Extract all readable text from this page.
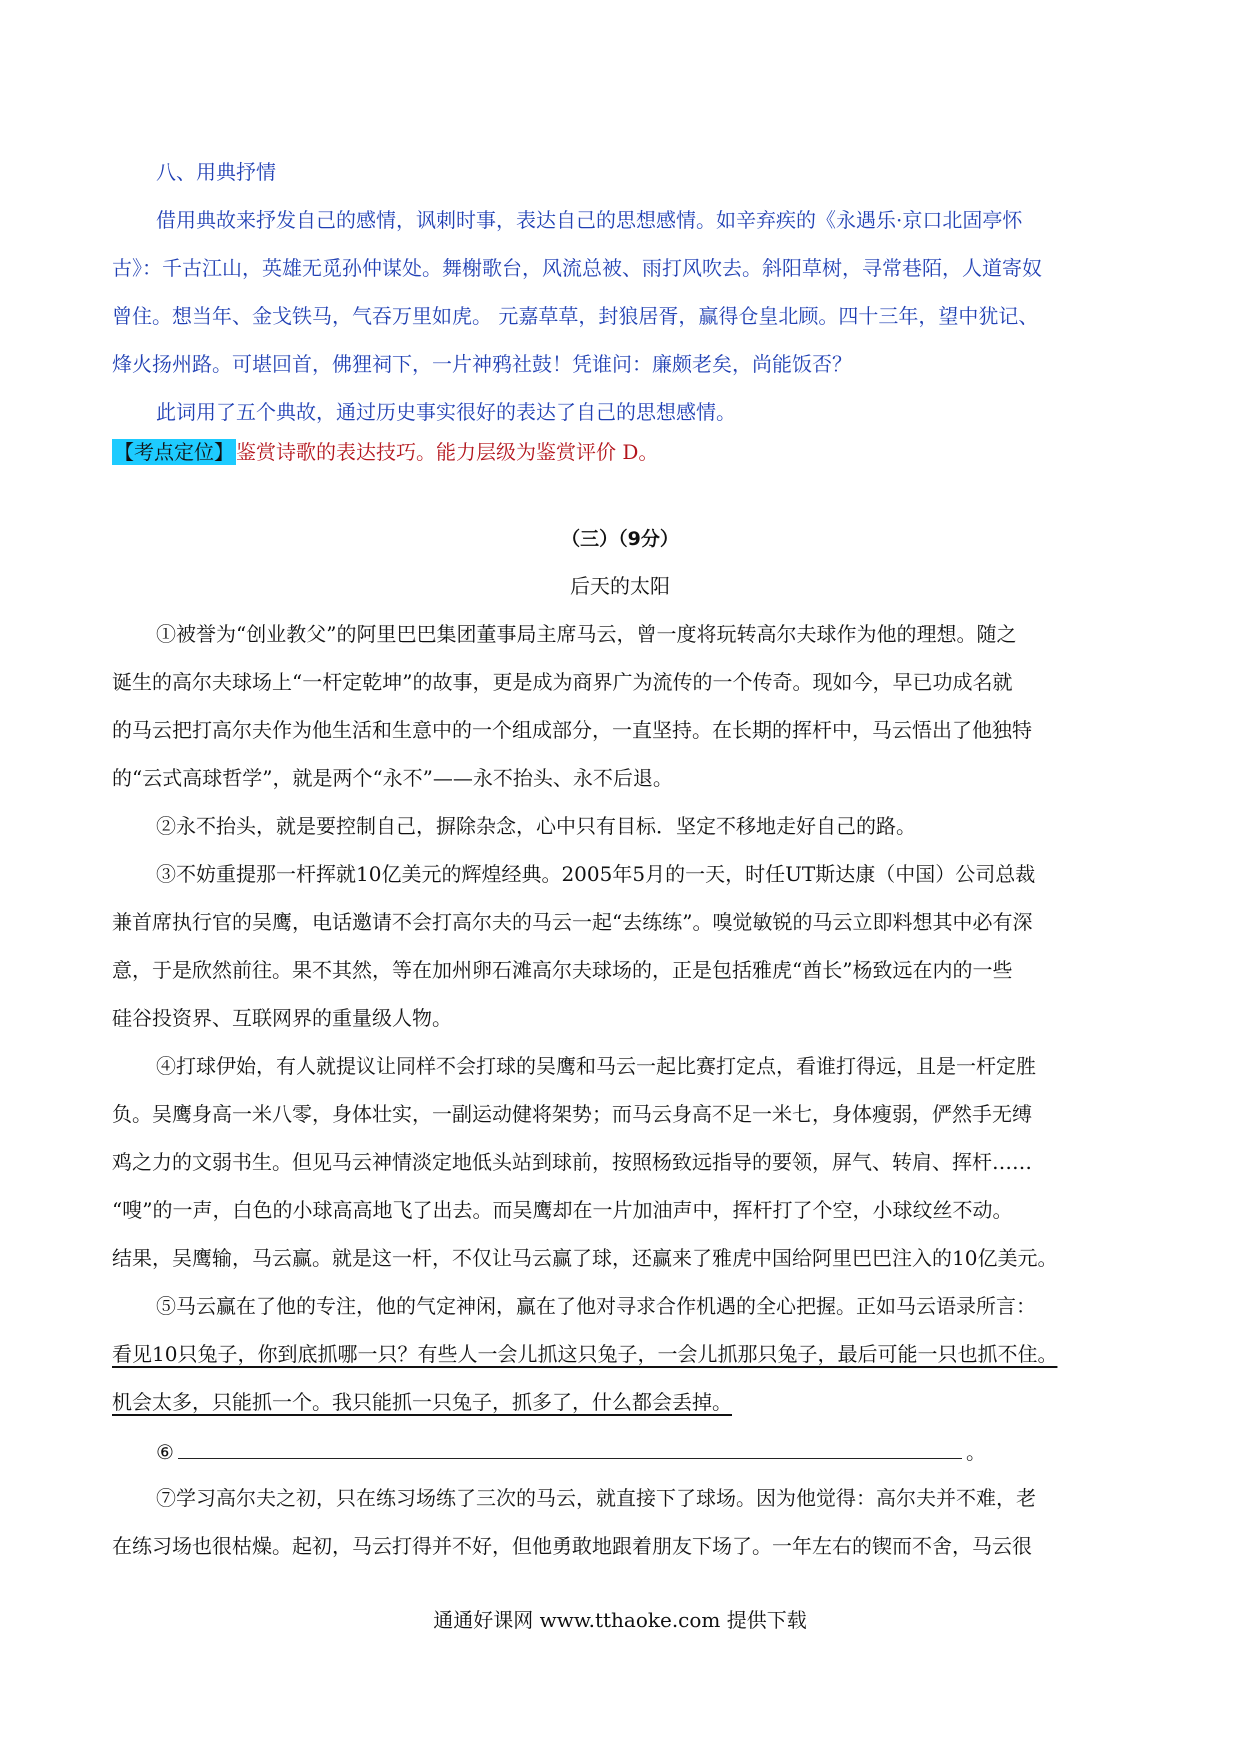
八、用典抒情
借用典故来抒发自己的感情，讽刺时事，表达自己的思想感情。如辛弃疾的《永遇乐·京口北固亭怀
古》：千古江山，英雄无觅孙仲谋处。舞榭歌台，风流总被、雨打风吹去。斜阳草树，寻常巷陌，人道寄奴
曾住。想当年、金戈铁马，气吞万里如虎。 元嘉草草，封狼居胥，赢得仓皇北顾。四十三年，望中犹记、
烽火扬州路。可堪回首，佛狸祠下，一片神鸦社鼓！凭谁问：廉颇老矣，尚能饭否？
此词用了五个典故，通过历史事实很好的表达了自己的思想感情。
【考点定位】 鉴赏诗歌的表达技巧。能力层级为鉴赏评价 D。
（三）（9分）
后天的太阳
①被誉为“创业教父”的阿里巴巴集团董事局主席马云，曾一度将玩转高尔夫球作为他的理想。随之
诞生的高尔夫球场上“一杆定乾坤”的故事，更是成为商界广为流传的一个传奇。现如今，早已功成名就
的马云把打高尔夫作为他生活和生意中的一个组成部分，一直坚持。在长期的挥杆中，马云悟出了他独特
的“云式高球哲学”，就是两个“永不”——永不抬头、永不后退。
②永不抬头，就是要控制自己，摒除杂念，心中只有目标．坚定不移地走好自己的路。
③不妨重提那一杆挥就10亿美元的辉煌经典。2005年5月的一天，时任UT斯达康（中国）公司总裁
兼首席执行官的吴鹰，电话邀请不会打高尔夫的马云一起“去练练”。嗅觉敏锐的马云立即料想其中必有深
意，于是欣然前往。果不其然，等在加州卵石滩高尔夫球场的，正是包括雅虎“酋长”杨致远在内的一些
硅谷投资界、互联网界的重量级人物。
④打球伊始，有人就提议让同样不会打球的吴鹰和马云一起比赛打定点，看谁打得远，且是一杆定胜
负。吴鹰身高一米八零，身体壮实，一副运动健将架势；而马云身高不足一米七，身体瘦弱，俨然手无缚
鸡之力的文弱书生。但见马云神情淡定地低头站到球前，按照杨致远指导的要领，屏气、转肩、挥杆……
“嗖”的一声，白色的小球高高地飞了出去。而吴鹰却在一片加油声中，挥杆打了个空，小球纹丝不动。
结果，吴鹰输，马云赢。就是这一杆，不仅让马云赢了球，还赢来了雅虎中国给阿里巴巴注入的10亿美元。
⑤马云赢在了他的专注，他的气定神闲，赢在了他对寻求合作机遇的全心把握。正如马云语录所言：
看见10只兔子，你到底抓哪一只？有些人一会儿抓这只兔子，一会儿抓那只兔子，最后可能一只也抓不住。
机会太多，只能抓一个。我只能抓一只兔子，抓多了，什么都会丢掉。
⑥	。
⑦学习高尔夫之初，只在练习场练了三次的马云，就直接下了球场。因为他觉得：高尔夫并不难，老
在练习场也很枯燥。起初，马云打得并不好，但他勇敢地跟着朋友下场了。一年左右的锲而不舍，马云很
通通好课网 www.tthaoke.com 提供下载
